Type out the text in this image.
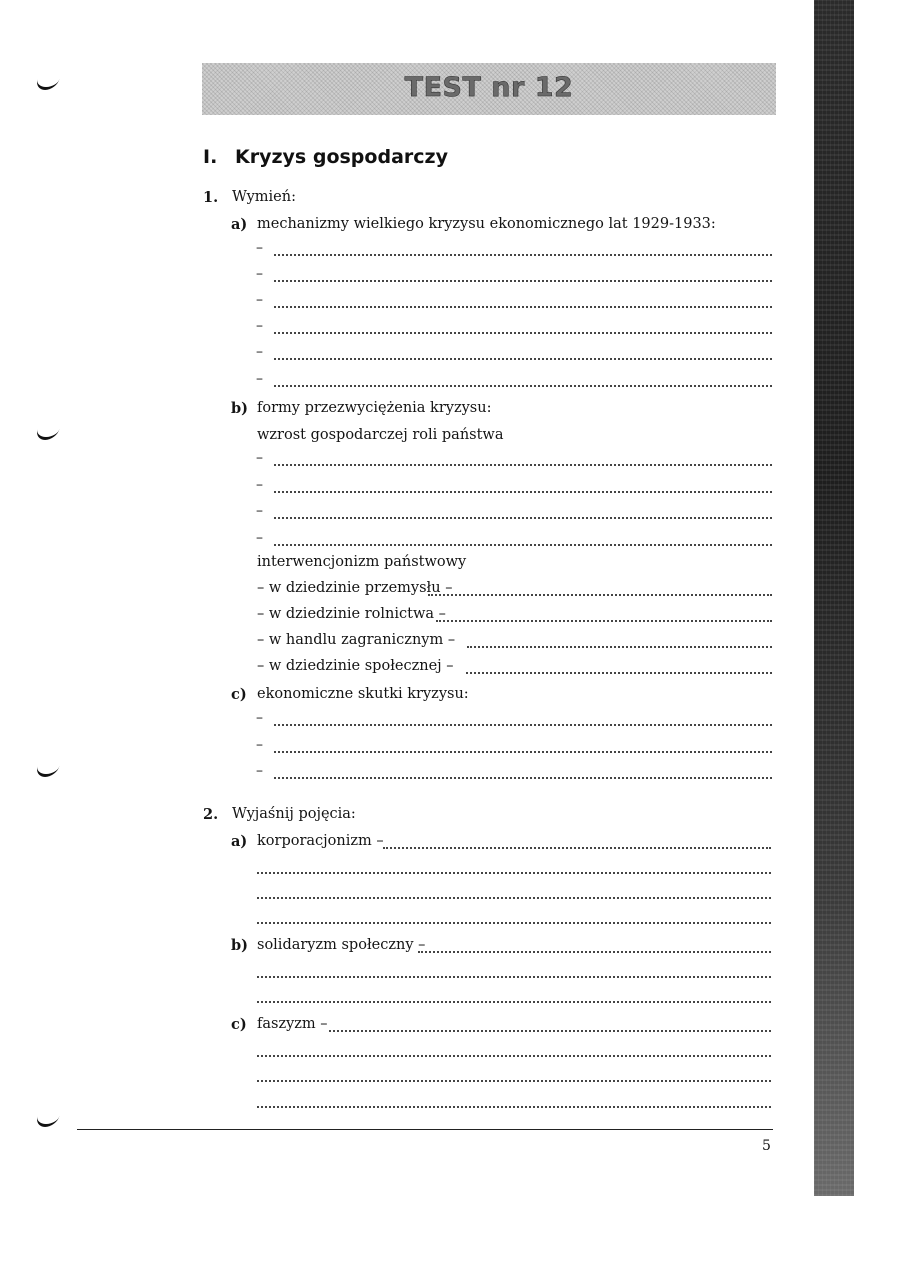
TEST nr 12
I. Kryzys gospodarczy
1. Wymień:
a) mechanizmy wielkiego kryzysu ekonomicznego lat 1929-1933:
–
–
–
–
–
–
b) formy przezwyciężenia kryzysu:
wzrost gospodarczej roli państwa
–
–
–
–
interwencjonizm państwowy
– w dziedzinie przemysłu –
– w dziedzinie rolnictwa –
– w handlu zagranicznym –
– w dziedzinie społecznej –
c) ekonomiczne skutki kryzysu:
–
–
–
2. Wyjaśnij pojęcia:
a) korporacjonizm –
b) solidaryzm społeczny –
c) faszyzm –
5
